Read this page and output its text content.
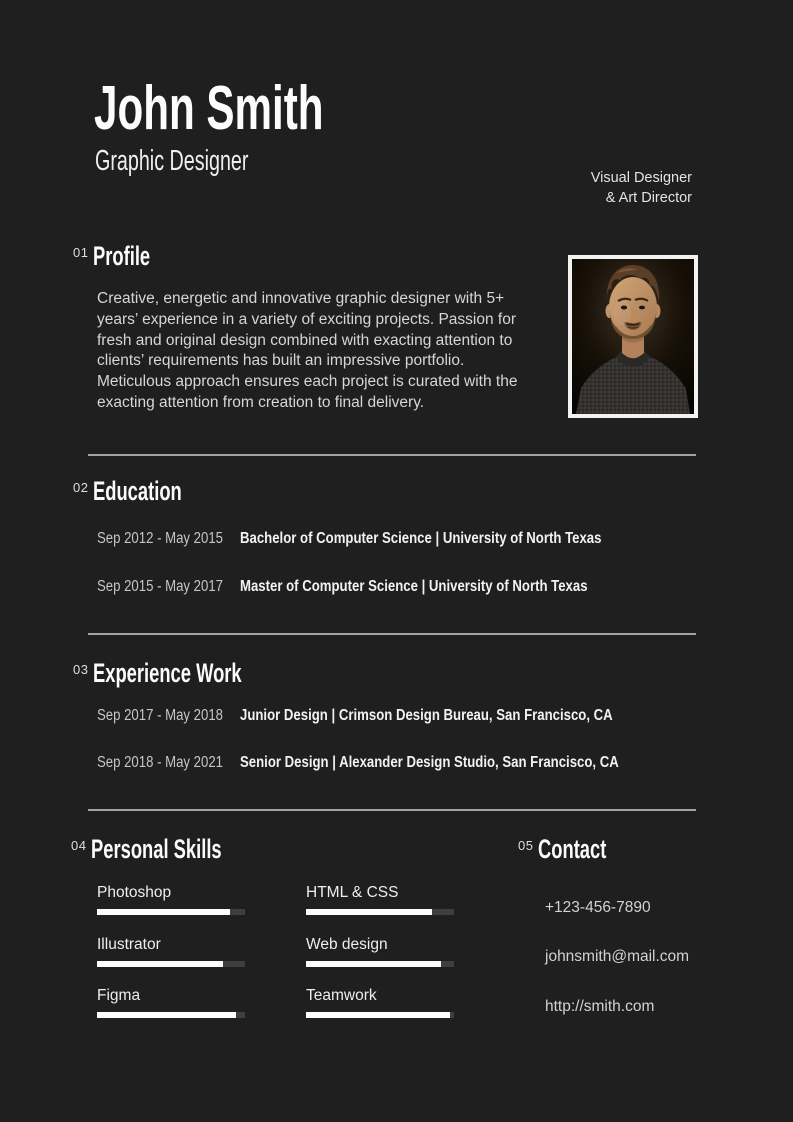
John Smith
Graphic Designer
Visual Designer
& Art Director
01 Profile

Creative, energetic and innovative graphic designer with 5+ years’ experience in a variety of exciting projects. Passion for fresh and original design combined with exacting attention to clients’ requirements has built an impressive portfolio. Meticulous approach ensures each project is curated with the exacting attention from creation to final delivery.

02 Education
Sep 2012 - May 2015 Bachelor of Computer Science | University of North Texas
Sep 2015 - May 2017 Master of Computer Science | University of North Texas
03 Experience Work
Sep 2017 - May 2018 Junior Design | Crimson Design Bureau, San Francisco, CA
Sep 2018 - May 2021 Senior Design | Alexander Design Studio, San Francisco, CA
04 Personal Skills
Photoshop
Illustrator
Figma
HTML & CSS
Web design
Teamwork
05 Contact
+123-456-7890
johnsmith@mail.com
http://smith.com
